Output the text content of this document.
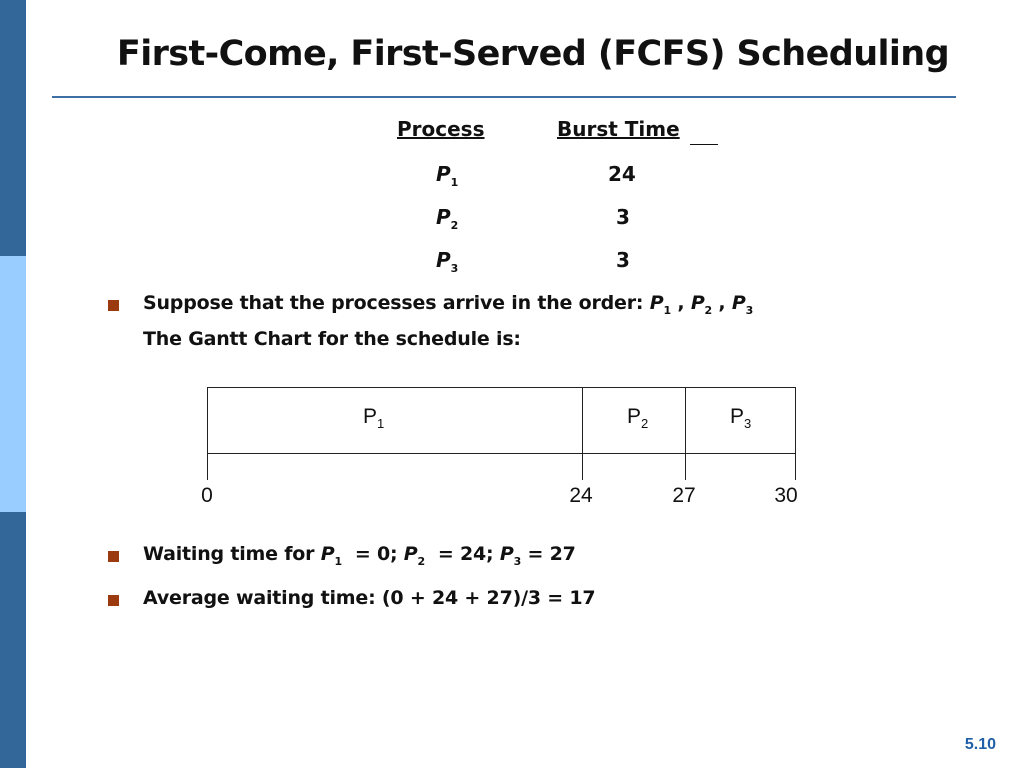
First-Come, First-Served (FCFS) Scheduling
Process	Burst Time
$P_1$	24
$P_2$	3
$P_3$	3
Suppose that the processes arrive in the order: $P_1$ , $P_2$ , $P_3$
The Gantt Chart for the schedule is:
$P_1$	$P_2$	$P_3$
0	24	27	30
Waiting time for $P_1 = 0$; $P_2 = 24$; $P_3 = 27$
Average waiting time: (0 + 24 + 27)/3 = 17
5.10
